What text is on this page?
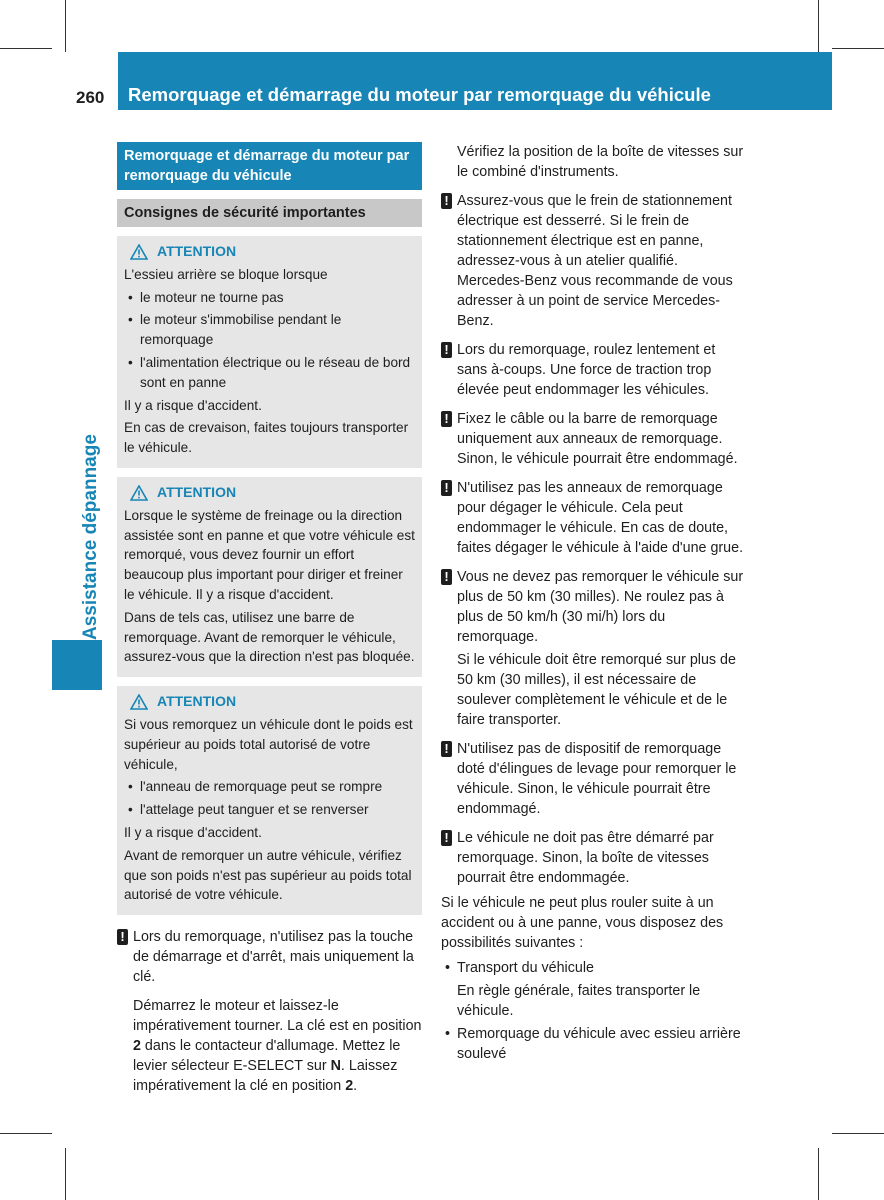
260	Remorquage et démarrage du moteur par remorquage du véhicule
Assistance dépannage
Remorquage et démarrage du moteur par remorquage du véhicule
Consignes de sécurité importantes
ATTENTION

L'essieu arrière se bloque lorsque

• le moteur ne tourne pas
• le moteur s'immobilise pendant le remorquage
• l'alimentation électrique ou le réseau de bord sont en panne

Il y a risque d'accident.

En cas de crevaison, faites toujours transporter le véhicule.

ATTENTION

Lorsque le système de freinage ou la direction assistée sont en panne et que votre véhicule est remorqué, vous devez fournir un effort beaucoup plus important pour diriger et freiner le véhicule. Il y a risque d'accident.

Dans de tels cas, utilisez une barre de remorquage. Avant de remorquer le véhicule, assurez-vous que la direction n'est pas bloquée.

ATTENTION

Si vous remorquez un véhicule dont le poids est supérieur au poids total autorisé de votre véhicule,

• l'anneau de remorquage peut se rompre
• l'attelage peut tanguer et se renverser

Il y a risque d'accident.

Avant de remorquer un autre véhicule, vérifiez que son poids n'est pas supérieur au poids total autorisé de votre véhicule.

! Lors du remorquage, n'utilisez pas la touche de démarrage et d'arrêt, mais uniquement la clé.
Démarrez le moteur et laissez-le impérativement tourner. La clé est en position 2 dans le contacteur d'allumage. Mettez le levier sélecteur E-SELECT sur N. Laissez impérativement la clé en position 2.
Vérifiez la position de la boîte de vitesses sur le combiné d'instruments.
! Assurez-vous que le frein de stationnement électrique est desserré. Si le frein de stationnement électrique est en panne, adressez-vous à un atelier qualifié. Mercedes-Benz vous recommande de vous adresser à un point de service Mercedes-Benz.
! Lors du remorquage, roulez lentement et sans à-coups. Une force de traction trop élevée peut endommager les véhicules.
! Fixez le câble ou la barre de remorquage uniquement aux anneaux de remorquage. Sinon, le véhicule pourrait être endommagé.
! N'utilisez pas les anneaux de remorquage pour dégager le véhicule. Cela peut endommager le véhicule. En cas de doute, faites dégager le véhicule à l'aide d'une grue.
! Vous ne devez pas remorquer le véhicule sur plus de 50 km (30 milles). Ne roulez pas à plus de 50 km/h (30 mi/h) lors du remorquage.
Si le véhicule doit être remorqué sur plus de 50 km (30 milles), il est nécessaire de soulever complètement le véhicule et de le faire transporter.
! N'utilisez pas de dispositif de remorquage doté d'élingues de levage pour remorquer le véhicule. Sinon, le véhicule pourrait être endommagé.
! Le véhicule ne doit pas être démarré par remorquage. Sinon, la boîte de vitesses pourrait être endommagée.
Si le véhicule ne peut plus rouler suite à un accident ou à une panne, vous disposez des possibilités suivantes :
• Transport du véhicule
En règle générale, faites transporter le véhicule.
• Remorquage du véhicule avec essieu arrière soulevé
